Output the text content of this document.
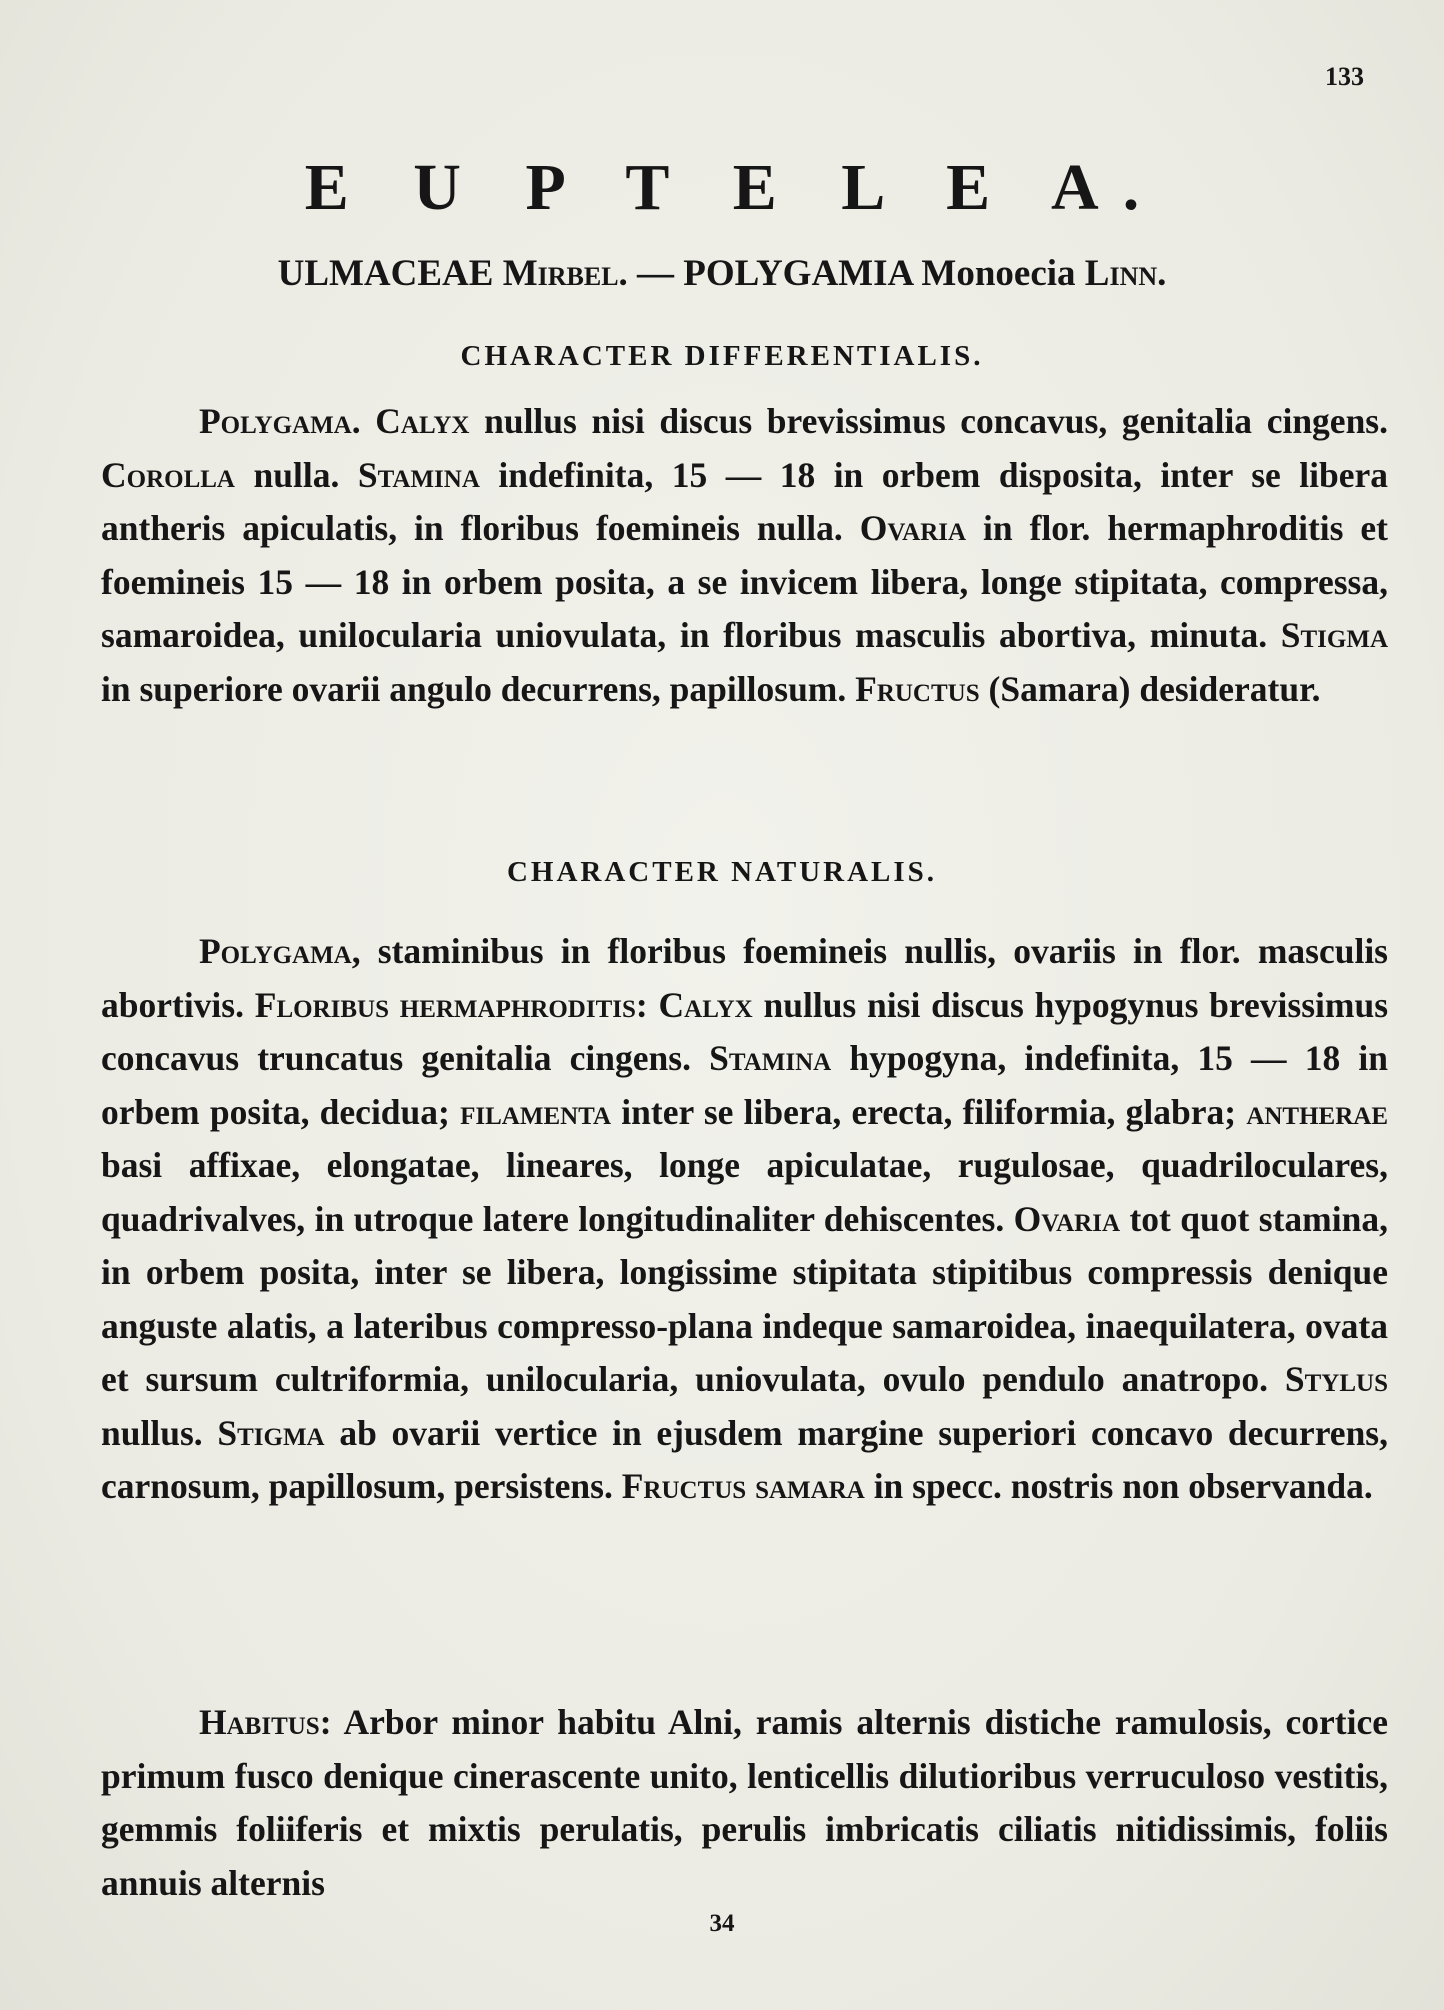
133
E U P T E L E A.
ULMACEAE Mirbel. — POLYGAMIA Monoecia Linn.
CHARACTER DIFFERENTIALIS.

Polygama. Calyx nullus nisi discus brevissimus concavus, genitalia cingens. Corolla nulla. Stamina indefinita, 15 — 18 in orbem disposita, inter se libera antheris apiculatis, in floribus foemineis nulla. Ovaria in flor. hermaphroditis et foemineis 15 — 18 in orbem posita, a se invicem libera, longe stipitata, compressa, samaroidea, unilocularia uniovulata, in floribus masculis abortiva, minuta. Stigma in superiore ovarii angulo decurrens, papillosum. Fructus (Samara) desideratur.

CHARACTER NATURALIS.

Polygama, staminibus in floribus foemineis nullis, ovariis in flor. masculis abortivis. Floribus hermaphroditis: Calyx nullus nisi discus hypogynus brevissimus concavus truncatus genitalia cingens. Stamina hypogyna, indefinita, 15 — 18 in orbem posita, decidua; filamenta inter se libera, erecta, filiformia, glabra; antherae basi affixae, elongatae, lineares, longe apiculatae, rugulosae, quadriloculares, quadrivalves, in utroque latere longitudinaliter dehiscentes. Ovaria tot quot stamina, in orbem posita, inter se libera, longissime stipitata stipitibus compressis denique anguste alatis, a lateribus compresso-plana indeque samaroidea, inaequilatera, ovata et sursum cultriformia, unilocularia, uniovulata, ovulo pendulo anatropo. Stylus nullus. Stigma ab ovarii vertice in ejusdem margine superiori concavo decurrens, carnosum, papillosum, persistens. Fructus samara in specc. nostris non observanda.

Habitus: Arbor minor habitu Alni, ramis alternis distiche ramulosis, cortice primum fusco denique cinerascente unito, lenticellis dilutioribus verruculoso vestitis, gemmis foliiferis et mixtis perulatis, perulis imbricatis ciliatis nitidissimis, foliis annuis alternis

34
